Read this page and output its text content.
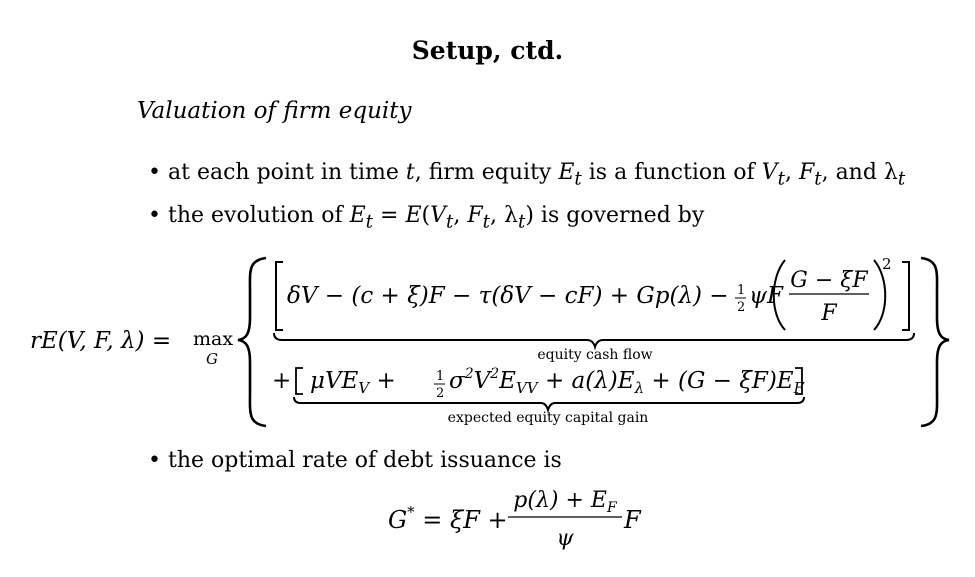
Setup, ctd.
Valuation of firm equity
• at each point in time t, firm equity $E_t$ is a function of $V_t$, $F_t$, and $\lambda_t$
• the evolution of $E_t = E(V_t$, $F_t$, $\lambda_t$) is governed by
rE(V, F, λ) = max
G
δV − (c + ξ)F − τ(δV − cF) + Gp(λ) − 1
2 ψF
G − ξF
F
2
equity cash flow
+ μVE$_V$ +	1
2 $\sigma^2V^2E_{VV} + a(\lambda)E_\lambda + (G - \xi F)E_F$
expected equity capital gain
G* = ξF +
$p(\lambda) + E_F$
ψ
F
• the optimal rate of debt issuance is
